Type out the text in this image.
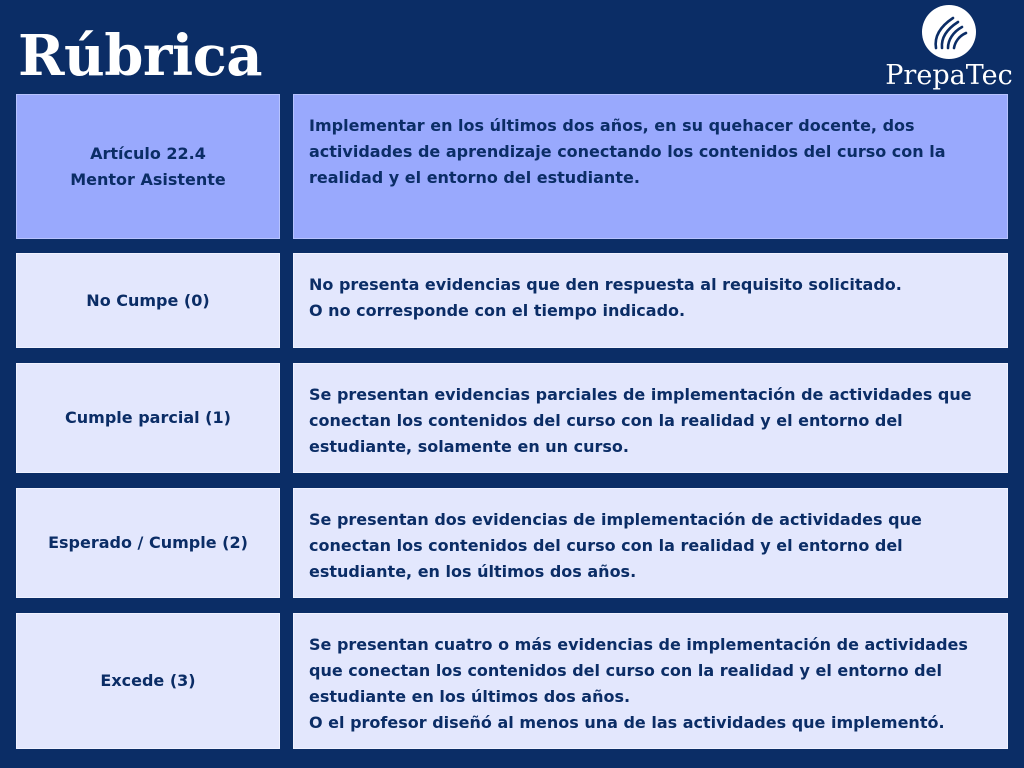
Rúbrica	PrepaTec
Artículo 22.4
Mentor Asistente
Implementar en los últimos dos años, en su quehacer docente, dos actividades de aprendizaje conectando los contenidos del curso con la realidad y el entorno del estudiante.
No Cumpe (0)
No presenta evidencias que den respuesta al requisito solicitado.
O no corresponde con el tiempo indicado.
Cumple parcial (1)
Se presentan evidencias parciales de implementación de actividades que conectan los contenidos del curso con la realidad y el entorno del estudiante, solamente en un curso.
Esperado / Cumple (2)
Se presentan dos evidencias de implementación de actividades que conectan los contenidos del curso con la realidad y el entorno del estudiante, en los últimos dos años.
Excede (3)
Se presentan cuatro o más evidencias de implementación de actividades que conectan los contenidos del curso con la realidad y el entorno del estudiante en los últimos dos años.
O el profesor diseñó al menos una de las actividades que implementó.
